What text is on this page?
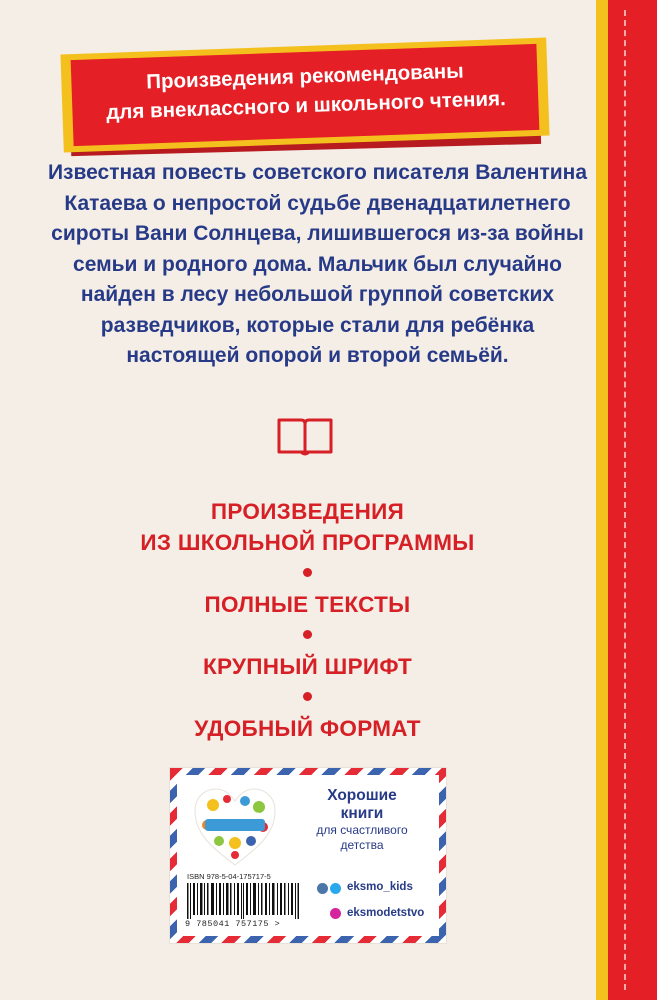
Произведения рекомендованы
для внеклассного и школьного чтения.
Известная повесть советского писателя Валентина
Катаева о непростой судьбе двенадцатилетнего
сироты Вани Солнцева, лишившегося из-за войны
семьи и родного дома. Мальчик был случайно
найден в лесу небольшой группой советских
разведчиков, которые стали для ребёнка
настоящей опорой и второй семьёй.
ПРОИЗВЕДЕНИЯ
ИЗ ШКОЛЬНОЙ ПРОГРАММЫ
ПОЛНЫЕ ТЕКСТЫ
КРУПНЫЙ ШРИФТ
УДОБНЫЙ ФОРМАТ
#эксмодетство
Хорошие
книги
для счастливого
детства
ISBN 978-5-04-175717-5
9 785041 757175 >
eksmo_kids
eksmodetstvo
